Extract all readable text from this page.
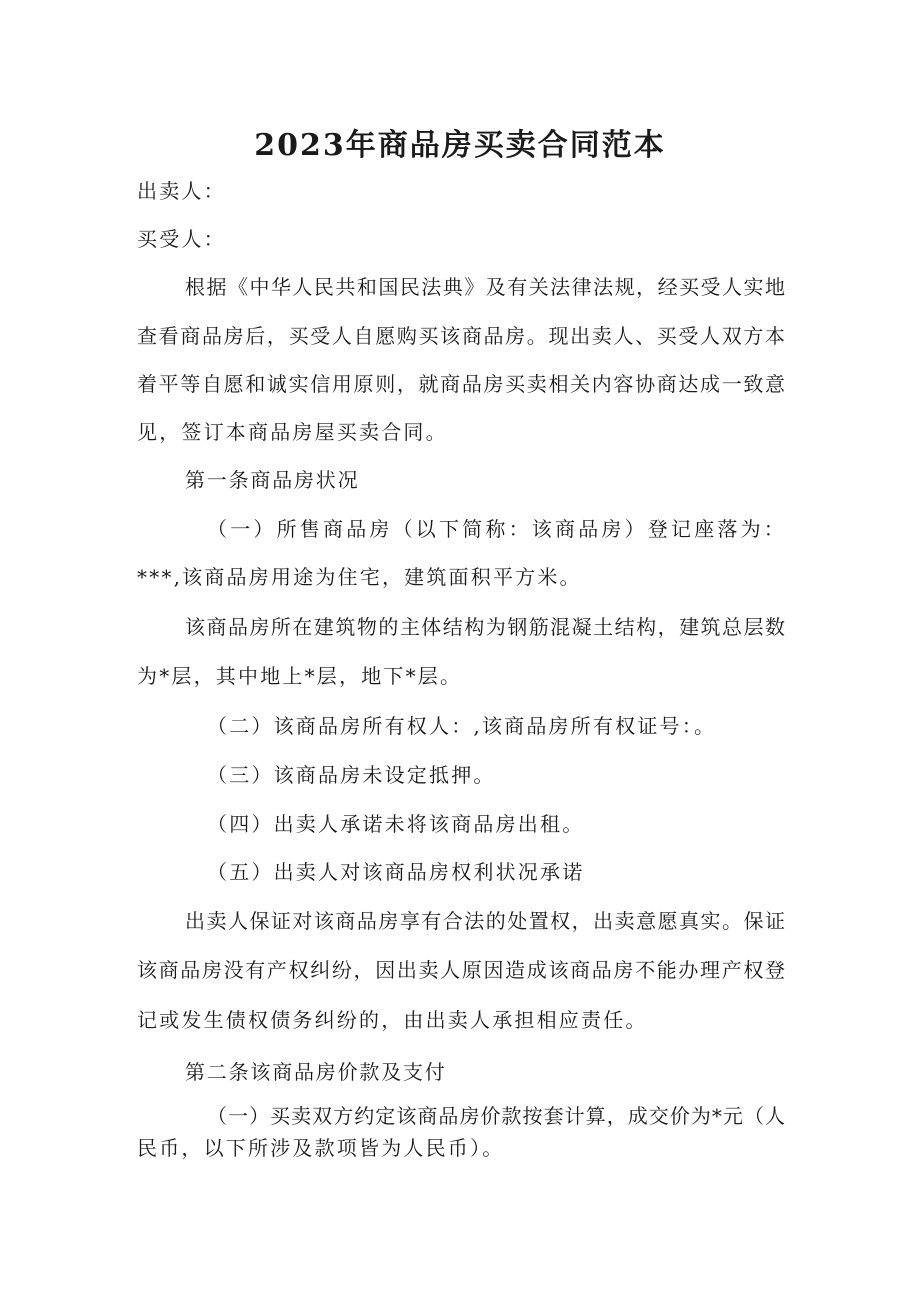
2023年商品房买卖合同范本
出卖人：
买受人：
根据《中华人民共和国民法典》及有关法律法规，经买受人实地
查看商品房后，买受人自愿购买该商品房。现出卖人、买受人双方本
着平等自愿和诚实信用原则，就商品房买卖相关内容协商达成一致意
见，签订本商品房屋买卖合同。
第一条商品房状况
（一）所售商品房（以下简称：该商品房）登记座落为：
***,该商品房用途为住宅，建筑面积平方米。
该商品房所在建筑物的主体结构为钢筋混凝土结构，建筑总层数
为*层，其中地上*层，地下*层。
（二）该商品房所有权人：,该商品房所有权证号：。
（三）该商品房未设定抵押。
（四）出卖人承诺未将该商品房出租。
（五）出卖人对该商品房权利状况承诺
出卖人保证对该商品房享有合法的处置权，出卖意愿真实。保证
该商品房没有产权纠纷，因出卖人原因造成该商品房不能办理产权登
记或发生债权债务纠纷的，由出卖人承担相应责任。
第二条该商品房价款及支付
（一）买卖双方约定该商品房价款按套计算，成交价为*元（人
民币，以下所涉及款项皆为人民币）。
